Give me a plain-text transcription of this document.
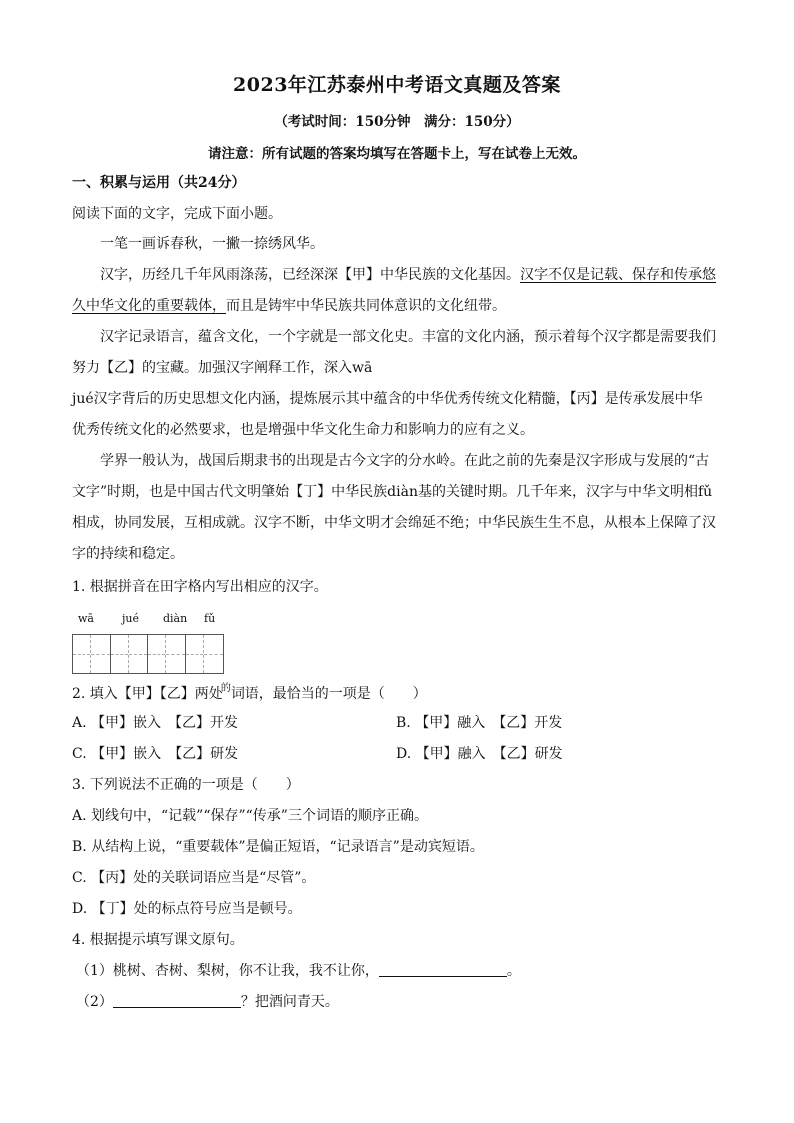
2023年江苏泰州中考语文真题及答案
（考试时间：150分钟　满分：150分）
请注意：所有试题的答案均填写在答题卡上，写在试卷上无效。
一、积累与运用（共24分）
阅读下面的文字，完成下面小题。
一笔一画诉春秋，一撇一捺绣风华。
汉字，历经几千年风雨涤荡，已经深深【甲】中华民族的文化基因。汉字不仅是记载、保存和传承悠
久中华文化的重要载体，而且是铸牢中华民族共同体意识的文化纽带。
汉字记录语言，蕴含文化，一个字就是一部文化史。丰富的文化内涵，预示着每个汉字都是需要我们
努力【乙】的宝藏。加强汉字阐释工作，深入wā
jué汉字背后的历史思想文化内涵，提炼展示其中蕴含的中华优秀传统文化精髓，【丙】是传承发展中华
优秀传统文化的必然要求，也是增强中华文化生命力和影响力的应有之义。
学界一般认为，战国后期隶书的出现是古今文字的分水岭。在此之前的先秦是汉字形成与发展的“古
文字”时期，也是中国古代文明肇始【丁】中华民族diàn基的关键时期。几千年来，汉字与中华文明相fǔ
相成，协同发展，互相成就。汉字不断，中华文明才会绵延不绝；中华民族生生不息，从根本上保障了汉
字的持续和稳定。
1. 根据拼音在田字格内写出相应的汉字。
wā	jué diàn fǔ
2. 填入【甲】【乙】两处$^的$词语，最恰当的一项是（　　）
A. 【甲】嵌入　【乙】开发	B. 【甲】融入　【乙】开发
C. 【甲】嵌入　【乙】研发	D. 【甲】融入　【乙】研发
3. 下列说法不正确的一项是（　　）
A. 划线句中，“记载”“保存”“传承”三个词语的顺序正确。
B. 从结构上说，“重要载体”是偏正短语，“记录语言”是动宾短语。
C. 【丙】处的关联词语应当是“尽管”。
D. 【丁】处的标点符号应当是顿号。
4. 根据提示填写课文原句。
（1）桃树、杏树、梨树，你不让我，我不让你，	。
（2）	？把酒问青天。
